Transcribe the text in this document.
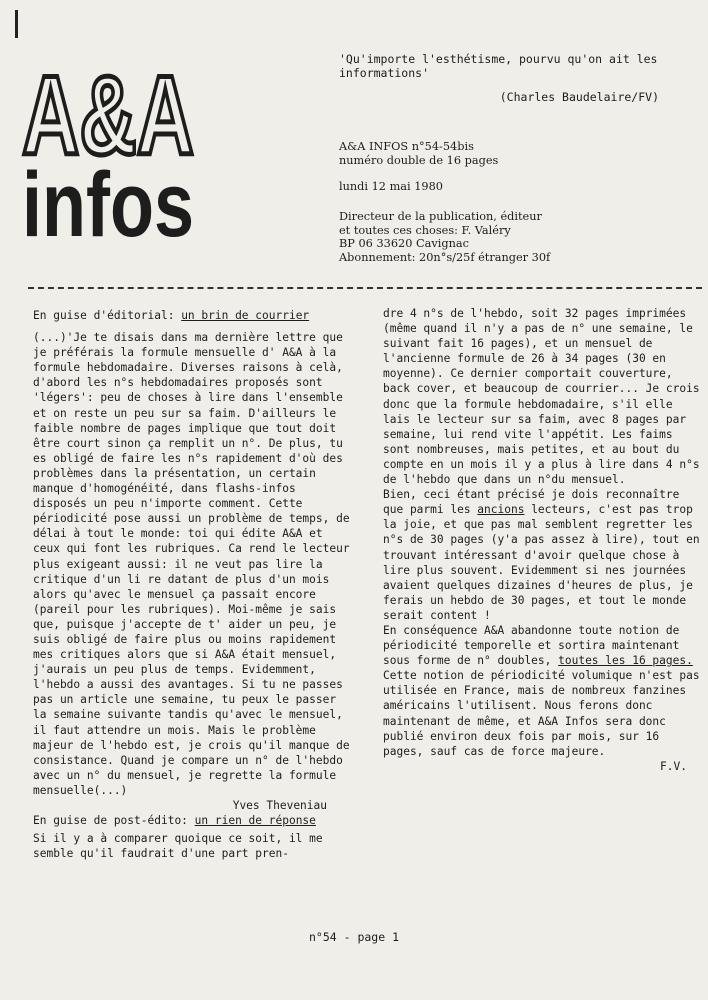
A&A
infos
'Qu'importe l'esthétisme, pourvu qu'on ait les informations'
(Charles Baudelaire/FV)
A&A INFOS n°54-54bis
numéro double de 16 pages
lundi 12 mai 1980
Directeur de la publication, éditeur
et toutes ces choses: F. Valéry
BP 06 33620 Cavignac
Abonnement: 20n°s/25f étranger 30f

En guise d'éditorial: un brin de courrier

(...)'Je te disais dans ma dernière lettre que je préférais la formule mensuelle d' A&A à la formule hebdomadaire. Diverses raisons à celà, d'abord les n°s hebdomadaires proposés sont 'légers': peu de choses à lire dans l'ensemble et on reste un peu sur sa faim. D'ailleurs le faible nombre de pages implique que tout doit être court sinon ça remplit un n°. De plus, tu es obligé de faire les n°s rapidement d'où des problèmes dans la présentation, un certain manque d'homogénéité, dans flashs-infos disposés un peu n'importe comment. Cette périodicité pose aussi un problème de temps, de délai à tout le monde: toi qui édite A&A et ceux qui font les rubriques. Ca rend le lecteur plus exigeant aussi: il ne veut pas lire la critique d'un li re datant de plus d'un mois alors qu'avec le mensuel ça passait encore (pareil pour les rubriques). Moi-même je sais que, puisque j'accepte de t' aider un peu, je suis obligé de faire plus ou moins rapidement mes critiques alors que si A&A était mensuel, j'aurais un peu plus de temps. Evidemment, l'hebdo a aussi des avantages. Si tu ne passes pas un article une semaine, tu peux le passer la semaine suivante tandis qu'avec le mensuel, il faut attendre un mois. Mais le problème majeur de l'hebdo est, je crois qu'il manque de consistance. Quand je compare un n° de l'hebdo avec un n° du mensuel, je regrette la formule mensuelle(...)

Yves Theveniau

En guise de post-édito: un rien de réponse

Si il y a à comparer quoique ce soit, il me semble qu'il faudrait d'une part pren-

dre 4 n°s de l'hebdo, soit 32 pages imprimées (même quand il n'y a pas de n° une semaine, le suivant fait 16 pages), et un mensuel de l'ancienne formule de 26 à 34 pages (30 en moyenne). Ce dernier comportait couverture, back cover, et beaucoup de courrier... Je crois donc que la formule hebdomadaire, s'il elle lais le lecteur sur sa faim, avec 8 pages par semaine, lui rend vite l'appétit. Les faims sont nombreuses, mais petites, et au bout du compte en un mois il y a plus à lire dans 4 n°s de l'hebdo que dans un n°du mensuel.

Bien, ceci étant précisé je dois reconnaître que parmi les ancions lecteurs, c'est pas trop la joie, et que pas mal semblent regretter les n°s de 30 pages (y'a pas assez à lire), tout en trouvant intéressant d'avoir quelque chose à lire plus souvent. Evidemment si nes journées avaient quelques dizaines d'heures de plus, je ferais un hebdo de 30 pages, et tout le monde serait content !

En conséquence A&A abandonne toute notion de périodicité temporelle et sortira maintenant sous forme de n° doubles, toutes les 16 pages. Cette notion de périodicité volumique n'est pas utilisée en France, mais de nombreux fanzines américains l'utilisent. Nous ferons donc maintenant de même, et A&A Infos sera donc publié environ deux fois par mois, sur 16 pages, sauf cas de force majeure.

F.V.

n°54 - page 1
